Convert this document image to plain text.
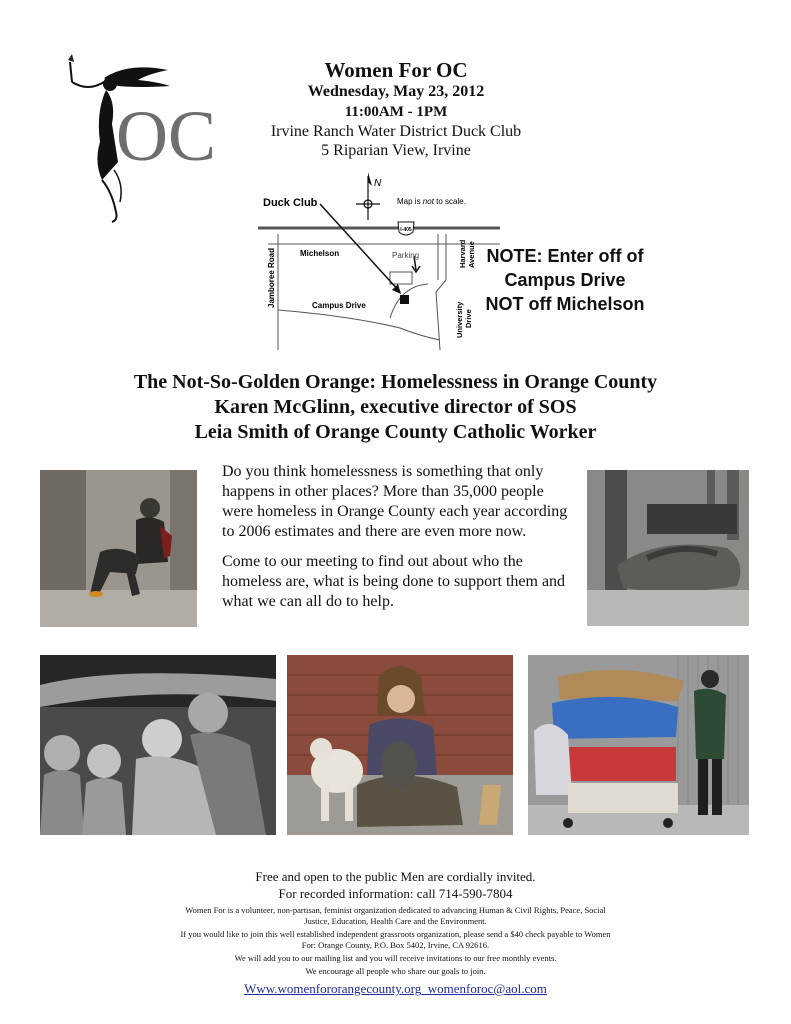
OC
Women For OC
Wednesday, May 23, 2012
11:00AM - 1PM
Irvine Ranch Water District Duck Club
5 Riparian View, Irvine
I-405
Duck Club
N
Map is not to scale.
Michelson	Parking
Campus Drive
Jamboree Road	Harvard Avenue
University Drive
NOTE: Enter off of
Campus Drive
NOT off Michelson
The Not-So-Golden Orange: Homelessness in Orange County
Karen McGlinn, executive director of SOS
Leia Smith of Orange County Catholic Worker

Do you think homelessness is something that only happens in other places? More than 35,000 people were homeless in Orange County each year according to 2006 estimates and there are even more now.

Come to our meeting to find out about who the homeless are, what is being done to support them and what we can all do to help.

Free and open to the public Men are cordially invited.
For recorded information: call 714-590-7804
Women For is a volunteer, non-partisan, feminist organization dedicated to advancing Human & Civil Rights, Peace, Social Justice, Education, Health Care and the Environment.
If you would like to join this well established independent grassroots organization, please send a $40 check payable to Women For: Orange County, P.O. Box 5402, Irvine, CA 92616.
We will add you to our mailing list and you will receive invitations to our free monthly events.
We encourage all people who share our goals to join.
Www.womenfororangecounty.org womenforoc@aol.com
